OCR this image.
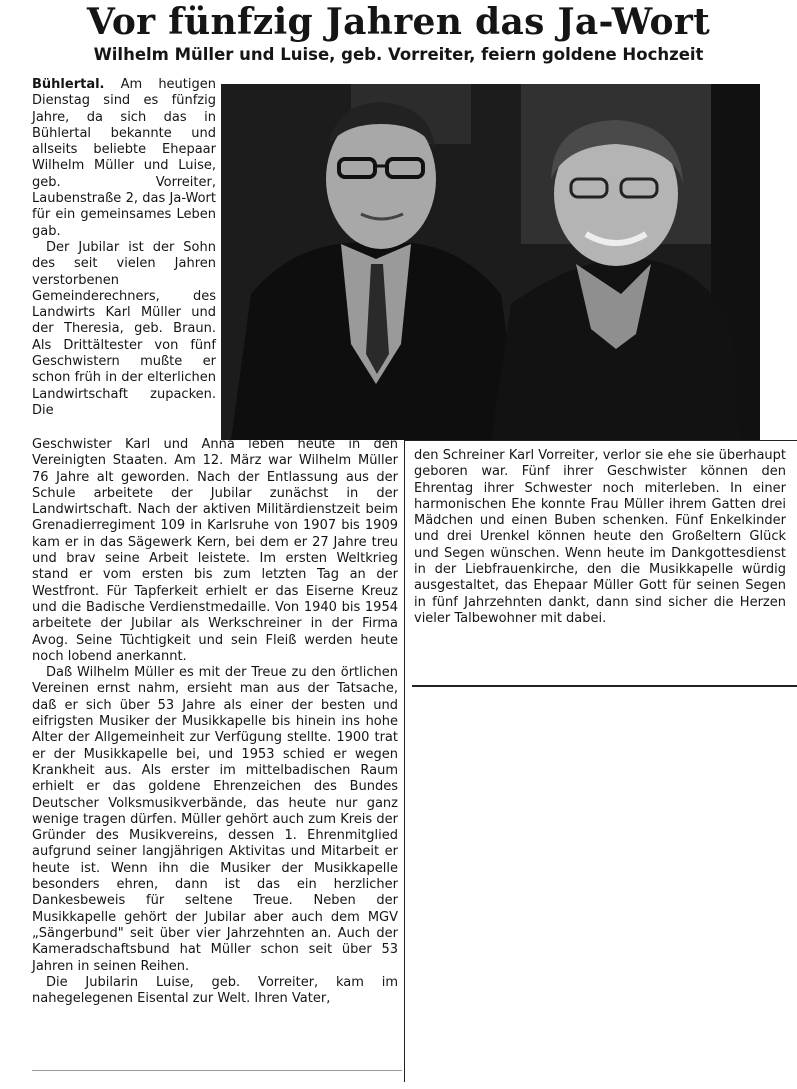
Vor fünfzig Jahren das Ja-Wort
Wilhelm Müller und Luise, geb. Vorreiter, feiern goldene Hochzeit

Bühlertal. Am heutigen Dienstag sind es fünfzig Jahre, da sich das in Bühlertal bekannte und allseits beliebte Ehepaar Wilhelm Müller und Luise, geb. Vorreiter, Laubenstraße 2, das Ja-Wort für ein gemeinsames Leben gab.

Der Jubilar ist der Sohn des seit vielen Jahren verstorbenen Gemeinderechners, des Landwirts Karl Müller und der Theresia, geb. Braun. Als Drittältester von fünf Geschwistern mußte er schon früh in der elterlichen Landwirtschaft zupacken. Die

Geschwister Karl und Anna leben heute in den Vereinigten Staaten. Am 12. März war Wilhelm Müller 76 Jahre alt geworden. Nach der Entlassung aus der Schule arbeitete der Jubilar zunächst in der Landwirtschaft. Nach der aktiven Militärdienstzeit beim Grenadierregiment 109 in Karlsruhe von 1907 bis 1909 kam er in das Sägewerk Kern, bei dem er 27 Jahre treu und brav seine Arbeit leistete. Im ersten Weltkrieg stand er vom ersten bis zum letzten Tag an der Westfront. Für Tapferkeit erhielt er das Eiserne Kreuz und die Badische Verdienstmedaille. Von 1940 bis 1954 arbeitete der Jubilar als Werkschreiner in der Firma Avog. Seine Tüchtigkeit und sein Fleiß werden heute noch lobend anerkannt.

Daß Wilhelm Müller es mit der Treue zu den örtlichen Vereinen ernst nahm, ersieht man aus der Tatsache, daß er sich über 53 Jahre als einer der besten und eifrigsten Musiker der Musikkapelle bis hinein ins hohe Alter der Allgemeinheit zur Verfügung stellte. 1900 trat er der Musikkapelle bei, und 1953 schied er wegen Krankheit aus. Als erster im mittelbadischen Raum erhielt er das goldene Ehrenzeichen des Bundes Deutscher Volksmusikverbände, das heute nur ganz wenige tragen dürfen. Müller gehört auch zum Kreis der Gründer des Musikvereins, dessen 1. Ehrenmitglied aufgrund seiner langjährigen Aktivitas und Mitarbeit er heute ist. Wenn ihn die Musiker der Musikkapelle besonders ehren, dann ist das ein herzlicher Dankesbeweis für seltene Treue. Neben der Musikkapelle gehört der Jubilar aber auch dem MGV „Sängerbund" seit über vier Jahrzehnten an. Auch der Kameradschaftsbund hat Müller schon seit über 53 Jahren in seinen Reihen.

Die Jubilarin Luise, geb. Vorreiter, kam im nahegelegenen Eisental zur Welt. Ihren Vater,

den Schreiner Karl Vorreiter, verlor sie ehe sie überhaupt geboren war. Fünf ihrer Geschwister können den Ehrentag ihrer Schwester noch miterleben. In einer harmonischen Ehe konnte Frau Müller ihrem Gatten drei Mädchen und einen Buben schenken. Fünf Enkelkinder und drei Urenkel können heute den Großeltern Glück und Segen wünschen. Wenn heute im Dankgottesdienst in der Liebfrauenkirche, den die Musikkapelle würdig ausgestaltet, das Ehepaar Müller Gott für seinen Segen in fünf Jahrzehnten dankt, dann sind sicher die Herzen vieler Talbewohner mit dabei.
